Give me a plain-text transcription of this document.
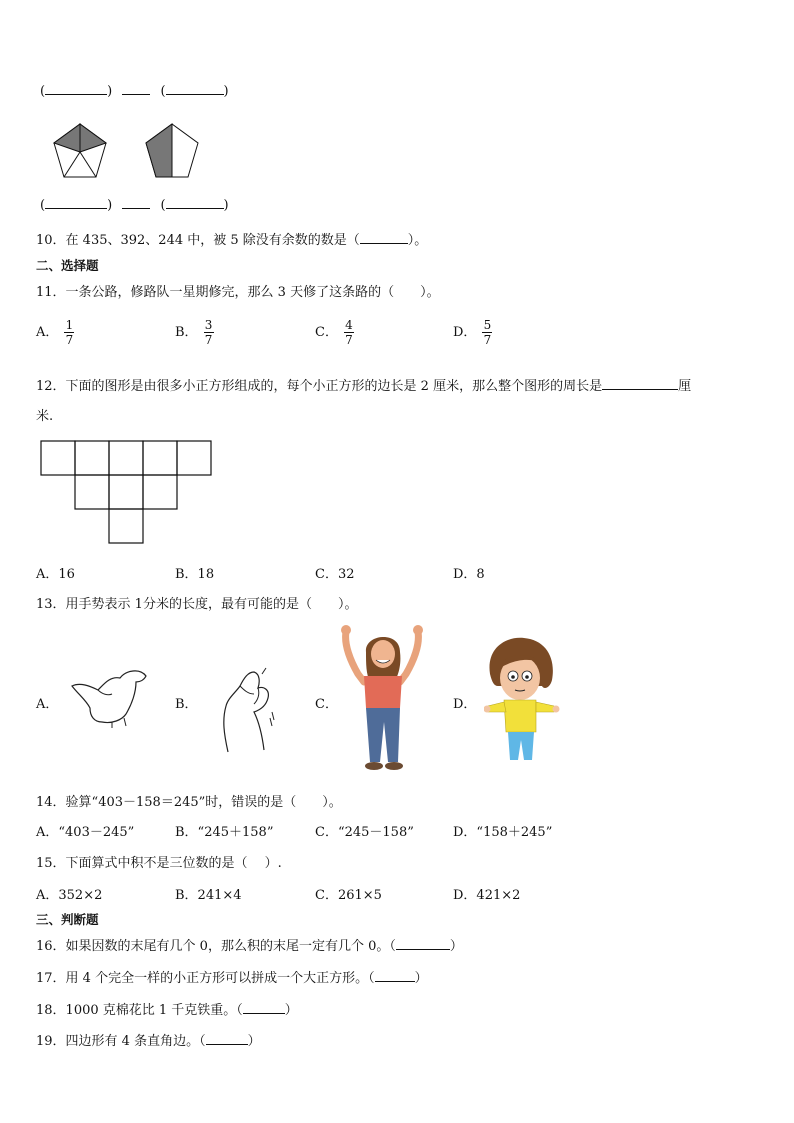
(	)	(	)
(	)	(	)
10．在 435、392、244 中，被 5 除没有余数的数是（	）。
二、选择题
11．一条公路，修路队一星期修完，那么 3 天修了这条路的（　　）。
A． $\frac{1}{7}$	B． $\frac{3}{7}$	C． $\frac{4}{7}$	D． $\frac{5}{7}$
12．下面的图形是由很多小正方形组成的，每个小正方形的边长是 2 厘米，那么整个图形的周长是	厘
米.
A．16	B．18	C．32	D．8
13．用手势表示 1分米的长度，最有可能的是（　　）。
A．	B．	C．	D．
14．验算“403－158＝245”时，错误的是（　　）。
A．“403－245”	B．“245＋158”	C．“245－158”	D．“158＋245”
15．下面算式中积不是三位数的是（　 ）.
A．352×2	B．241×4	C．261×5	D．421×2
三、判断题
16．如果因数的末尾有几个 0，那么积的末尾一定有几个 0。（	）
17．用 4 个完全一样的小正方形可以拼成一个大正方形。（	）
18．1000 克棉花比 1 千克铁重。（	）
19．四边形有 4 条直角边。（	）
